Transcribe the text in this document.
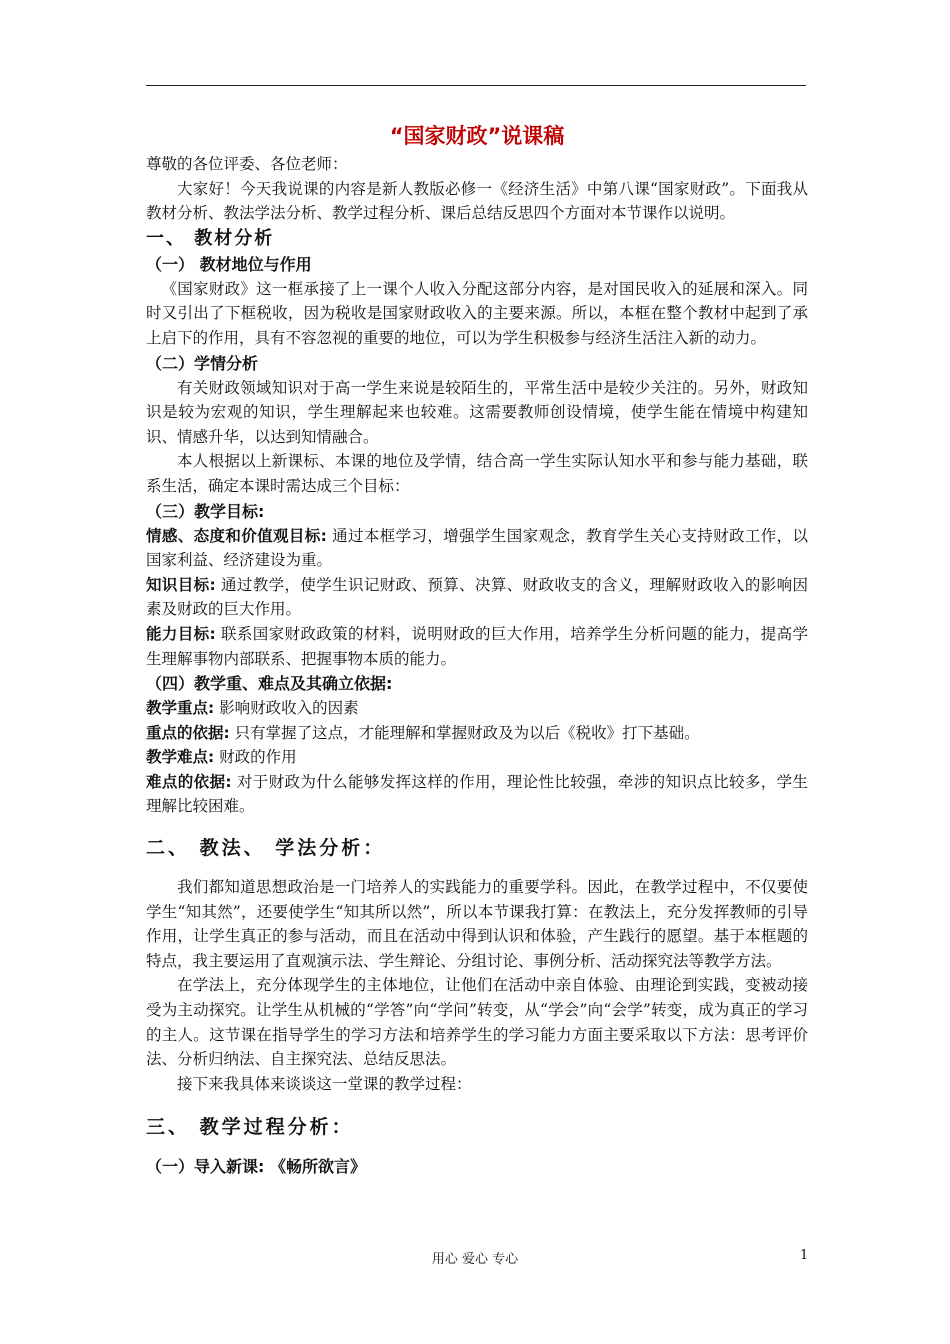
“国家财政”说课稿

尊敬的各位评委、各位老师：

大家好！今天我说课的内容是新人教版必修一《经济生活》中第八课“国家财政”。下面我从教材分析、教法学法分析、教学过程分析、课后总结反思四个方面对本节课作以说明。

一、 教材分析
（一） 教材地位与作用

《国家财政》这一框承接了上一课个人收入分配这部分内容，是对国民收入的延展和深入。同时又引出了下框税收，因为税收是国家财政收入的主要来源。所以，本框在整个教材中起到了承上启下的作用，具有不容忽视的重要的地位，可以为学生积极参与经济生活注入新的动力。

（二）学情分析

有关财政领域知识对于高一学生来说是较陌生的，平常生活中是较少关注的。另外，财政知识是较为宏观的知识，学生理解起来也较难。这需要教师创设情境，使学生能在情境中构建知识、情感升华，以达到知情融合。

本人根据以上新课标、本课的地位及学情，结合高一学生实际认知水平和参与能力基础，联系生活，确定本课时需达成三个目标：

（三）教学目标:

情感、态度和价值观目标: 通过本框学习，增强学生国家观念，教育学生关心支持财政工作，以国家利益、经济建设为重。

知识目标: 通过教学，使学生识记财政、预算、决算、财政收支的含义，理解财政收入的影响因素及财政的巨大作用。

能力目标: 联系国家财政政策的材料，说明财政的巨大作用，培养学生分析问题的能力，提高学生理解事物内部联系、把握事物本质的能力。

（四）教学重、难点及其确立依据:

教学重点: 影响财政收入的因素

重点的依据: 只有掌握了这点，才能理解和掌握财政及为以后《税收》打下基础。

教学难点: 财政的作用

难点的依据: 对于财政为什么能够发挥这样的作用，理论性比较强，牵涉的知识点比较多，学生理解比较困难。

二、 教法、 学法分析：

我们都知道思想政治是一门培养人的实践能力的重要学科。因此，在教学过程中，不仅要使学生“知其然”，还要使学生“知其所以然”，所以本节课我打算：在教法上，充分发挥教师的引导作用，让学生真正的参与活动，而且在活动中得到认识和体验，产生践行的愿望。基于本框题的特点，我主要运用了直观演示法、学生辩论、分组讨论、事例分析、活动探究法等教学方法。

在学法上，充分体现学生的主体地位，让他们在活动中亲自体验、由理论到实践，变被动接受为主动探究。让学生从机械的“学答”向“学问”转变，从“学会”向“会学”转变，成为真正的学习的主人。这节课在指导学生的学习方法和培养学生的学习能力方面主要采取以下方法：思考评价法、分析归纳法、自主探究法、总结反思法。

接下来我具体来谈谈这一堂课的教学过程：

三、 教学过程分析：
（一）导入新课: 《畅所欲言》
用心 爱心 专心	1
